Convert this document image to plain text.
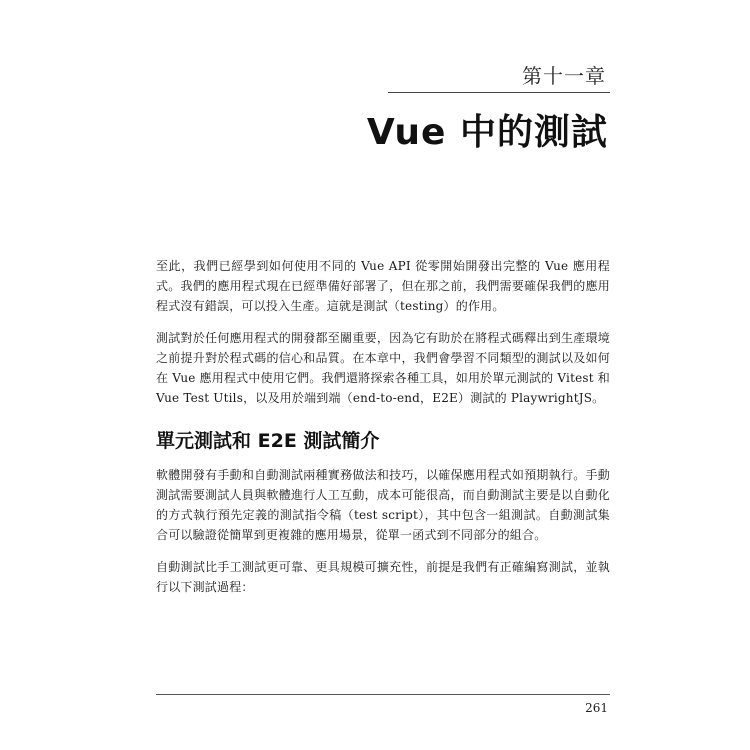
第十一章
Vue 中的測試

至此，我們已經學到如何使用不同的 Vue API 從零開始開發出完整的 Vue 應用程式。我們的應用程式現在已經準備好部署了，但在那之前，我們需要確保我們的應用程式沒有錯誤，可以投入生產。這就是測試（testing）的作用。

測試對於任何應用程式的開發都至關重要，因為它有助於在將程式碼釋出到生產環境之前提升對於程式碼的信心和品質。在本章中，我們會學習不同類型的測試以及如何在 Vue 應用程式中使用它們。我們還將探索各種工具，如用於單元測試的 Vitest 和 Vue Test Utils，以及用於端到端（end-to-end，E2E）測試的 PlaywrightJS。

單元測試和 E2E 測試簡介

軟體開發有手動和自動測試兩種實務做法和技巧，以確保應用程式如預期執行。手動測試需要測試人員與軟體進行人工互動，成本可能很高，而自動測試主要是以自動化的方式執行預先定義的測試指令稿（test script），其中包含一組測試。自動測試集合可以驗證從簡單到更複雜的應用場景，從單一函式到不同部分的組合。

自動測試比手工測試更可靠、更具規模可擴充性，前提是我們有正確編寫測試，並執行以下測試過程：

261
